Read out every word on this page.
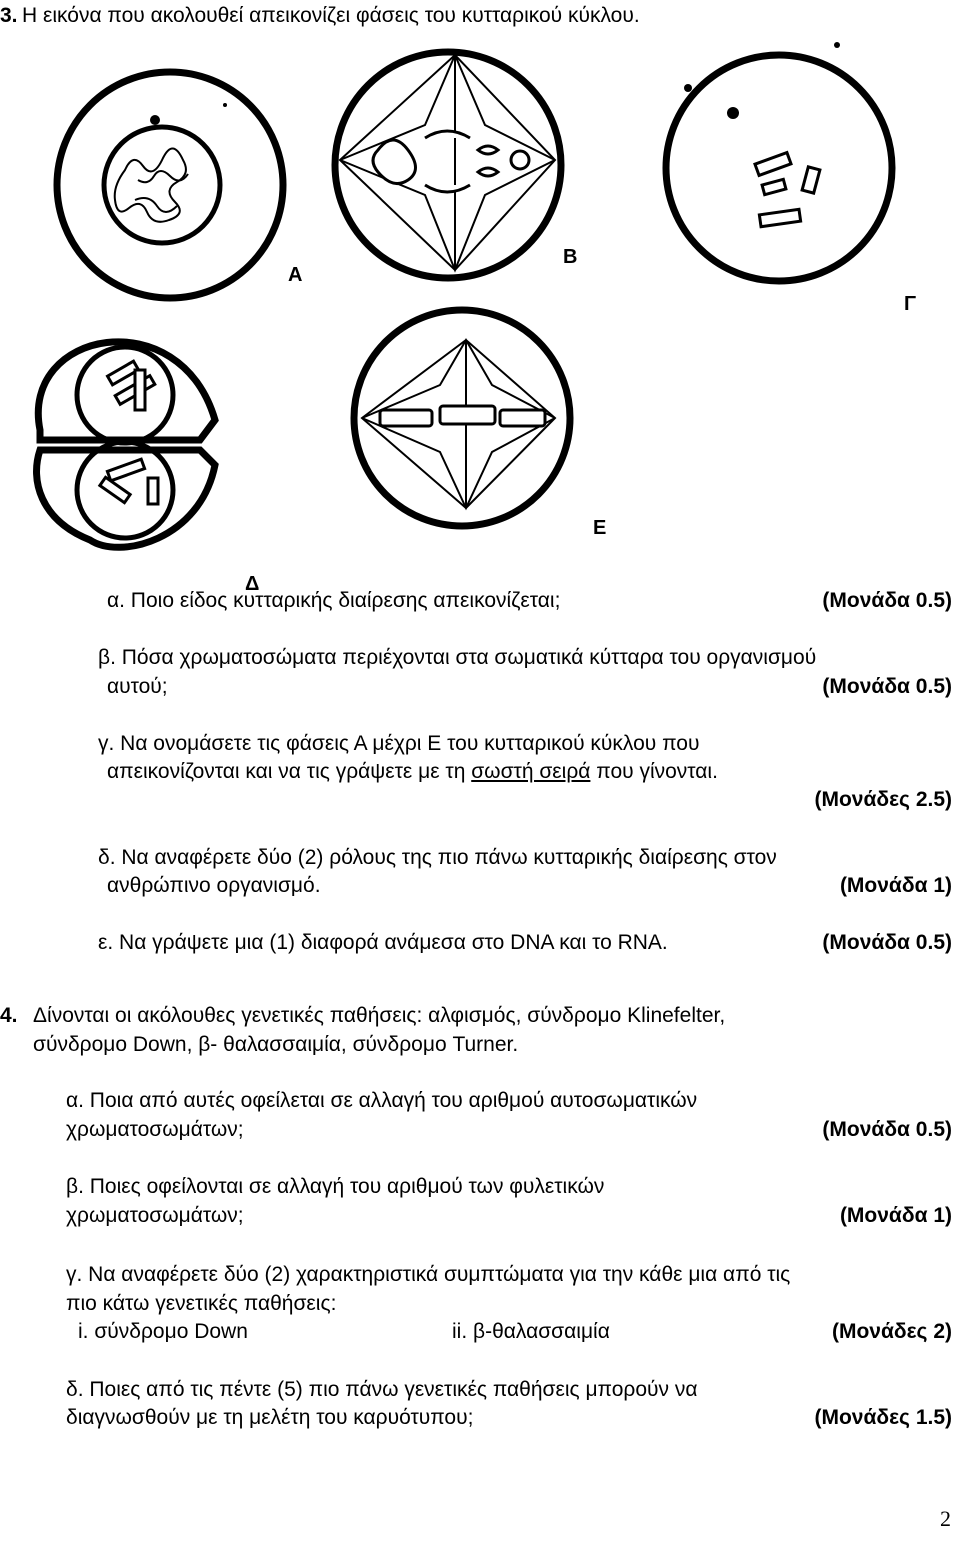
3. Η εικόνα που ακολουθεί απεικονίζει φάσεις του κυτταρικού κύκλου.
Α
Β
Γ
Δ
Ε
α. Ποιο είδος κυτταρικής διαίρεσης απεικονίζεται;	(Μονάδα 0.5)
β. Πόσα χρωματοσώματα περιέχονται στα σωματικά κύτταρα του οργανισμού
αυτού;	(Μονάδα 0.5)
γ. Να ονομάσετε τις φάσεις Α μέχρι Ε του κυτταρικού κύκλου που
απεικονίζονται και να τις γράψετε με τη σωστή σειρά που γίνονται.
(Μονάδες 2.5)
δ. Να αναφέρετε δύο (2) ρόλους της πιο πάνω κυτταρικής διαίρεσης στον
ανθρώπινο οργανισμό.	(Μονάδα 1)
ε. Να γράψετε μια (1) διαφορά ανάμεσα στο DNA και το RNA.	(Μονάδα 0.5)
4. Δίνονται οι ακόλουθες γενετικές παθήσεις: αλφισμός, σύνδρομο Klinefelter,
σύνδρομο Down, β- θαλασσαιμία, σύνδρομο Turner.
α. Ποια από αυτές οφείλεται σε αλλαγή του αριθμού αυτοσωματικών
χρωματοσωμάτων;	(Μονάδα 0.5)
β. Ποιες οφείλονται σε αλλαγή του αριθμού των φυλετικών
χρωματοσωμάτων;	(Μονάδα 1)
γ. Να αναφέρετε δύο (2) χαρακτηριστικά συμπτώματα για την κάθε μια από τις
πιο κάτω γενετικές παθήσεις:
i. σύνδρομο Down	ii. β-θαλασσαιμία	(Μονάδες 2)
δ. Ποιες από τις πέντε (5) πιο πάνω γενετικές παθήσεις μπορούν να
διαγνωσθούν με τη μελέτη του καρυότυπου;	(Μονάδες 1.5)
2
